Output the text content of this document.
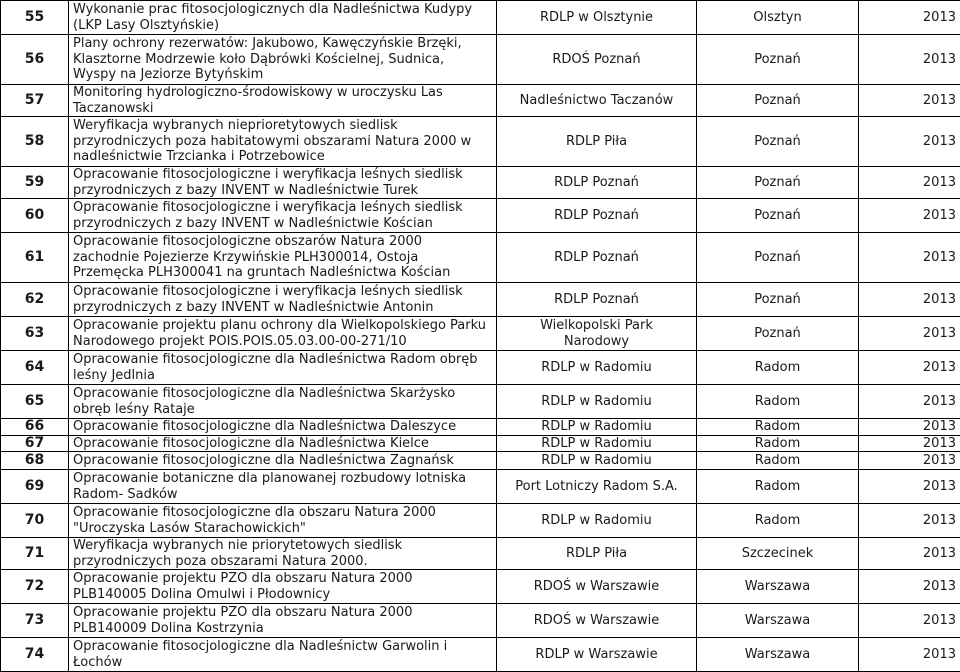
55	Wykonanie prac fitosocjologicznych dla Nadleśnictwa Kudypy
(LKP Lasy Olsztyńskie)	RDLP w Olsztynie	Olsztyn	2013
56	Plany ochrony rezerwatów: Jakubowo, Kawęczyńskie Brzęki,
Klasztorne Modrzewie koło Dąbrówki Kościelnej, Sudnica,
Wyspy na Jeziorze Bytyńskim	RDOŚ Poznań	Poznań	2013
57	Monitoring hydrologiczno-środowiskowy w uroczysku Las
Taczanowski	Nadleśnictwo Taczanów	Poznań	2013
58	Weryfikacja wybranych nieprioretytowych siedlisk
przyrodniczych poza habitatowymi obszarami Natura 2000 w
nadleśnictwie Trzcianka i Potrzebowice	RDLP Piła	Poznań	2013
59	Opracowanie fitosocjologiczne i weryfikacja leśnych siedlisk
przyrodniczych z bazy INVENT w Nadleśnictwie Turek	RDLP Poznań	Poznań	2013
60	Opracowanie fitosocjologiczne i weryfikacja leśnych siedlisk
przyrodniczych z bazy INVENT w Nadleśnictwie Kościan	RDLP Poznań	Poznań	2013
61	Opracowanie fitosocjologiczne obszarów Natura 2000
zachodnie Pojezierze Krzywińskie PLH300014, Ostoja
Przemęcka PLH300041 na gruntach Nadleśnictwa Kościan	RDLP Poznań	Poznań	2013
62	Opracowanie fitosocjologiczne i weryfikacja leśnych siedlisk
przyrodniczych z bazy INVENT w Nadleśnictwie Antonin	RDLP Poznań	Poznań	2013
63	Opracowanie projektu planu ochrony dla Wielkopolskiego Parku
Narodowego projekt POIS.POIS.05.03.00-00-271/10	Wielkopolski Park
Narodowy	Poznań	2013
64	Opracowanie fitosocjologiczne dla Nadleśnictwa Radom obręb
leśny Jedlnia	RDLP w Radomiu	Radom	2013
65	Opracowanie fitosocjologiczne dla Nadleśnictwa Skarżysko
obręb leśny Rataje	RDLP w Radomiu	Radom	2013
66	Opracowanie fitosocjologiczne dla Nadleśnictwa Daleszyce	RDLP w Radomiu	Radom	2013
67	Opracowanie fitosocjologiczne dla Nadleśnictwa Kielce	RDLP w Radomiu	Radom	2013
68	Opracowanie fitosocjologiczne dla Nadleśnictwa Zagnańsk	RDLP w Radomiu	Radom	2013
69	Opracowanie botaniczne dla planowanej rozbudowy lotniska
Radom- Sadków	Port Lotniczy Radom S.A.	Radom	2013
70	Opracowanie fitosocjologiczne dla obszaru Natura 2000
"Uroczyska Lasów Starachowickich"	RDLP w Radomiu	Radom	2013
71	Weryfikacja wybranych nie priorytetowych siedlisk
przyrodniczych poza obszarami Natura 2000.	RDLP Piła	Szczecinek	2013
72	Opracowanie projektu PZO dla obszaru Natura 2000
PLB140005 Dolina Omulwi i Płodownicy	RDOŚ w Warszawie	Warszawa	2013
73	Opracowanie projektu PZO dla obszaru Natura 2000
PLB140009 Dolina Kostrzynia	RDOŚ w Warszawie	Warszawa	2013
74	Opracowanie fitosocjologiczne dla Nadleśnictw Garwolin i
Łochów	RDLP w Warszawie	Warszawa	2013
